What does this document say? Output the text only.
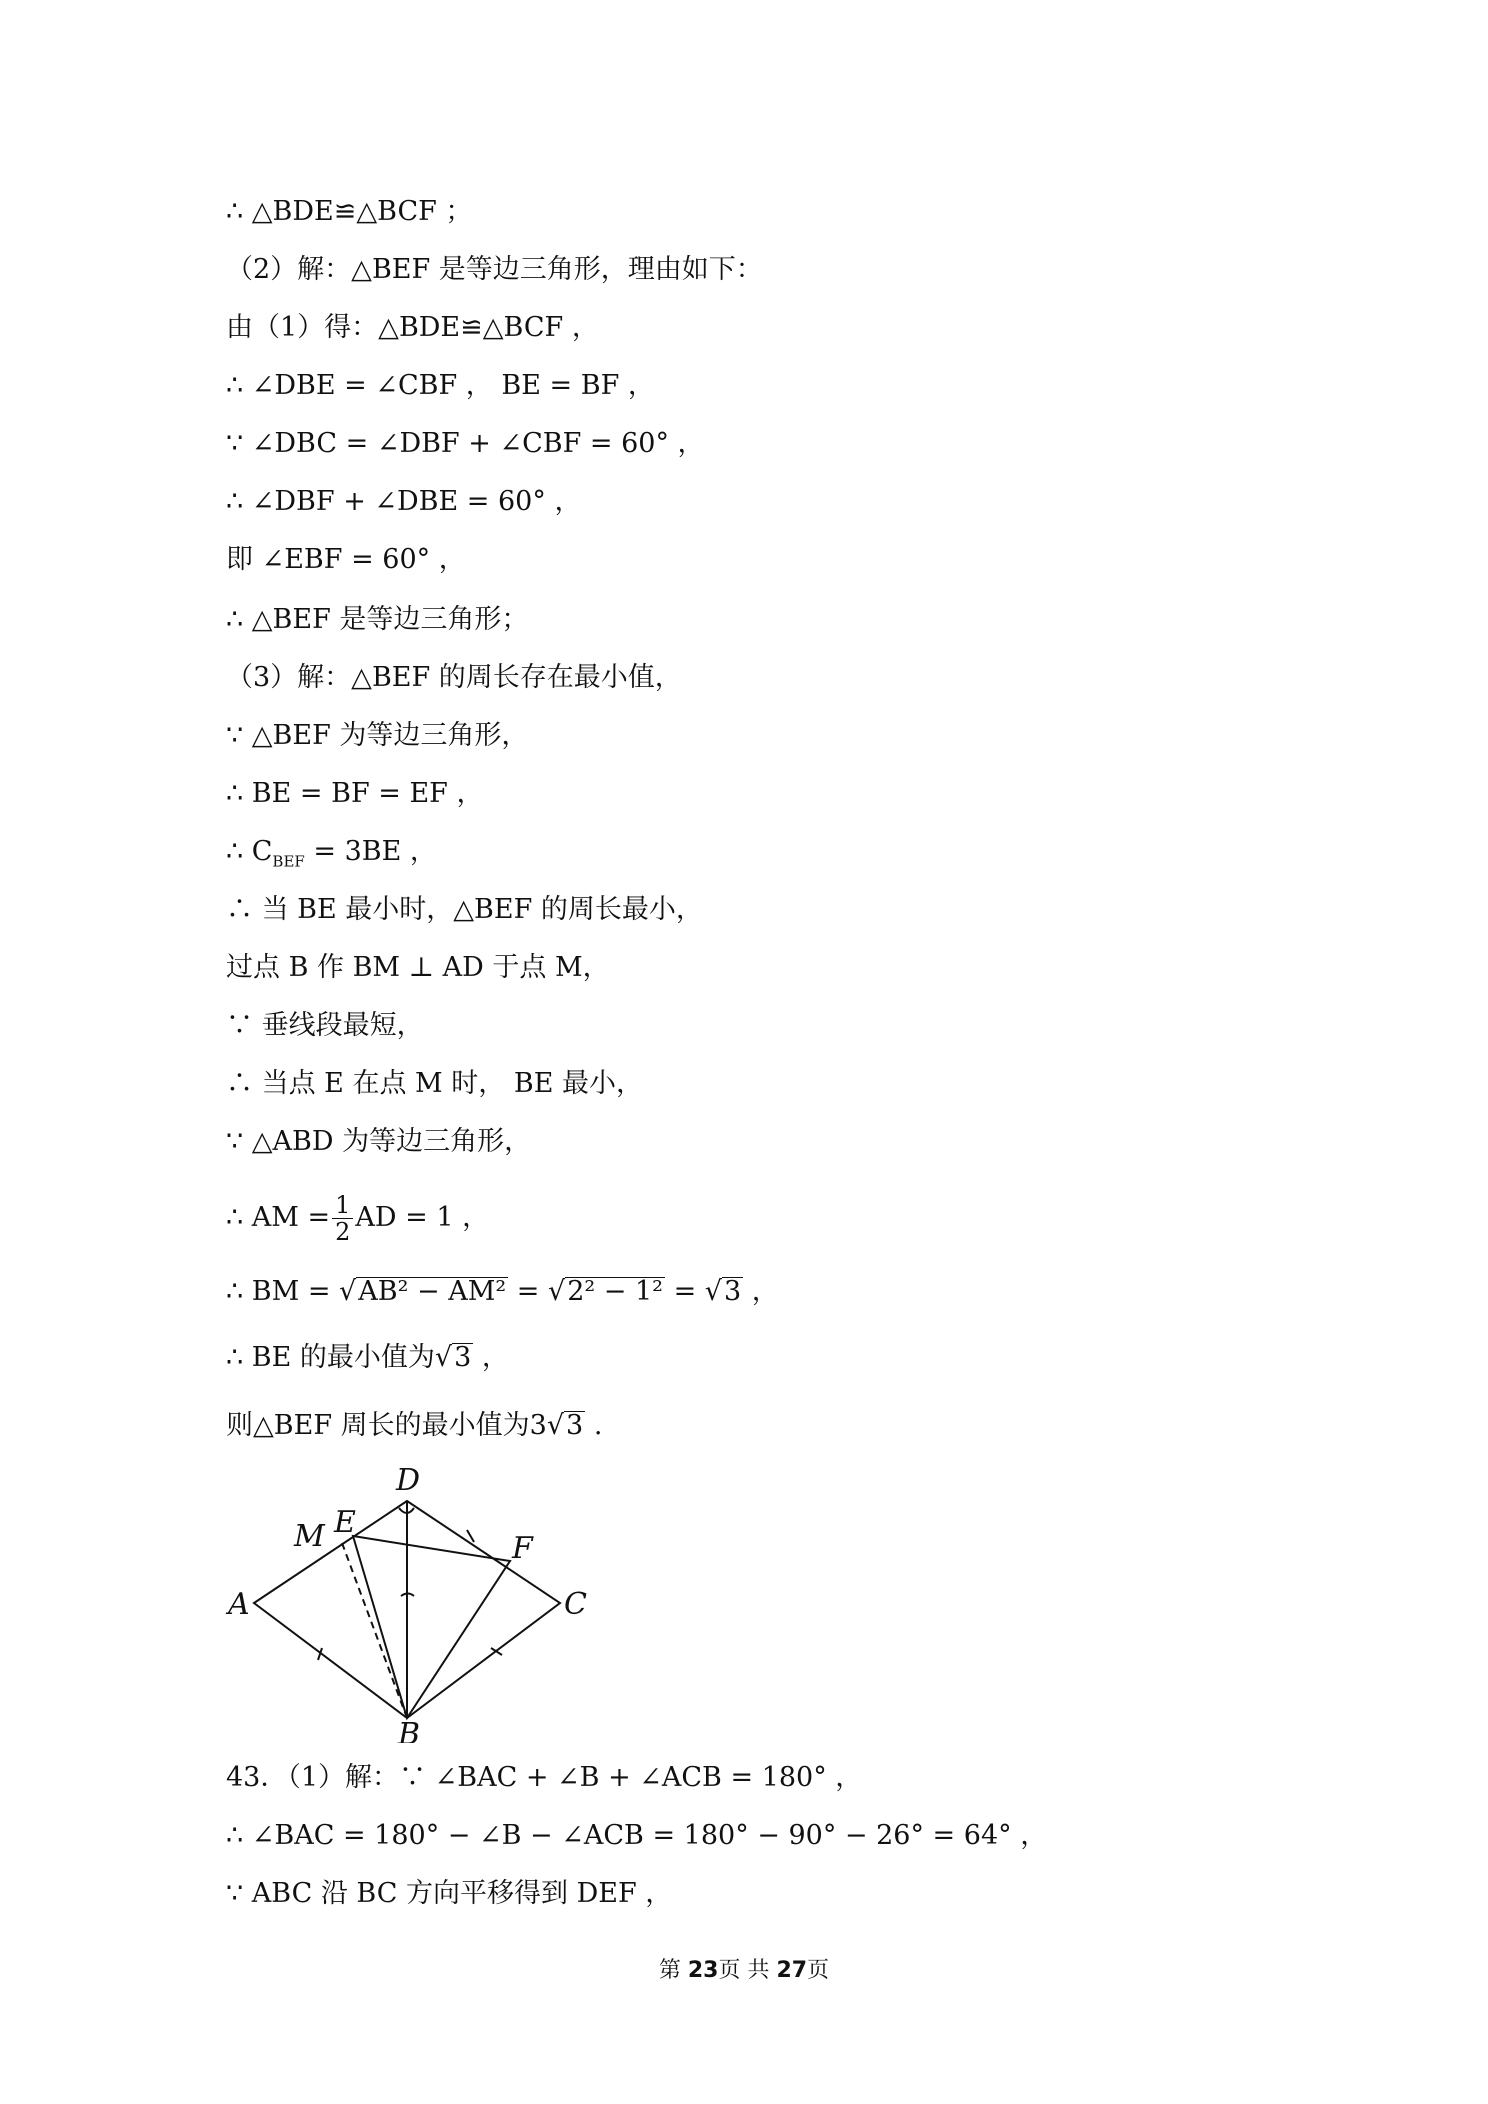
∴ △BDE≌△BCF ；
（2）解：△BEF 是等边三角形，理由如下：
由（1）得：△BDE≌△BCF ，
∴ ∠DBE = ∠CBF ， BE = BF ，
∵ ∠DBC = ∠DBF + ∠CBF = 60° ，
∴ ∠DBF + ∠DBE = 60° ，
即 ∠EBF = 60° ，
∴ △BEF 是等边三角形；
（3）解：△BEF 的周长存在最小值，
∵ △BEF 为等边三角形，
∴ BE = BF = EF ，
∴ $C_{BEF} = 3BE$ ，
∴ 当 BE 最小时，△BEF 的周长最小，
过点 B 作 BM ⊥ AD 于点 M，
∵ 垂线段最短，
∴ 当点 E 在点 M 时， BE 最小，
∵ △ABD 为等边三角形，
∴ AM = $\frac{1}{2}$ AD = 1 ，
∴ BM = √AB² − AM² = √2² − 1² = √3 ，
∴ BE 的最小值为√3 ，
则△BEF 周长的最小值为3√3 .
D
E
M	F
A	C
B
43．（1）解：∵ ∠BAC + ∠B + ∠ACB = 180° ，
∴ ∠BAC = 180° − ∠B − ∠ACB = 180° − 90° − 26° = 64° ，
∵ ABC 沿 BC 方向平移得到 DEF ，
第 23页 共 27页
